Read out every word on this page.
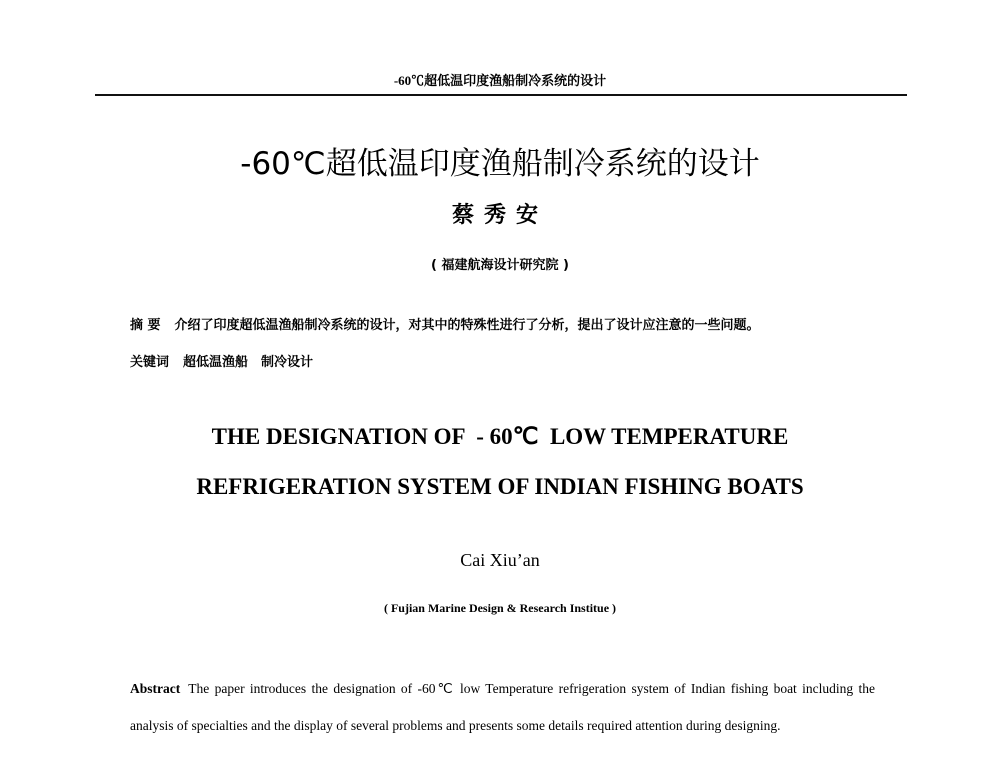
-60℃超低温印度渔船制冷系统的设计
-60℃超低温印度渔船制冷系统的设计
蔡秀安
( 福建航海设计研究院 )
摘 要 介绍了印度超低温渔船制冷系统的设计，对其中的特殊性进行了分析，提出了设计应注意的一些问题。
关键词 超低温渔船　制冷设计
THE DESIGNATION OF  - 60℃  LOW TEMPERATURE
REFRIGERATION SYSTEM OF INDIAN FISHING BOATS
Cai Xiu’an
( Fujian Marine Design & Research Institue )
Abstract The paper introduces the designation of -60℃ low Temperature refrigeration system of Indian fishing boat including the analysis of specialties and the display of several problems and presents some details required attention during designing.
